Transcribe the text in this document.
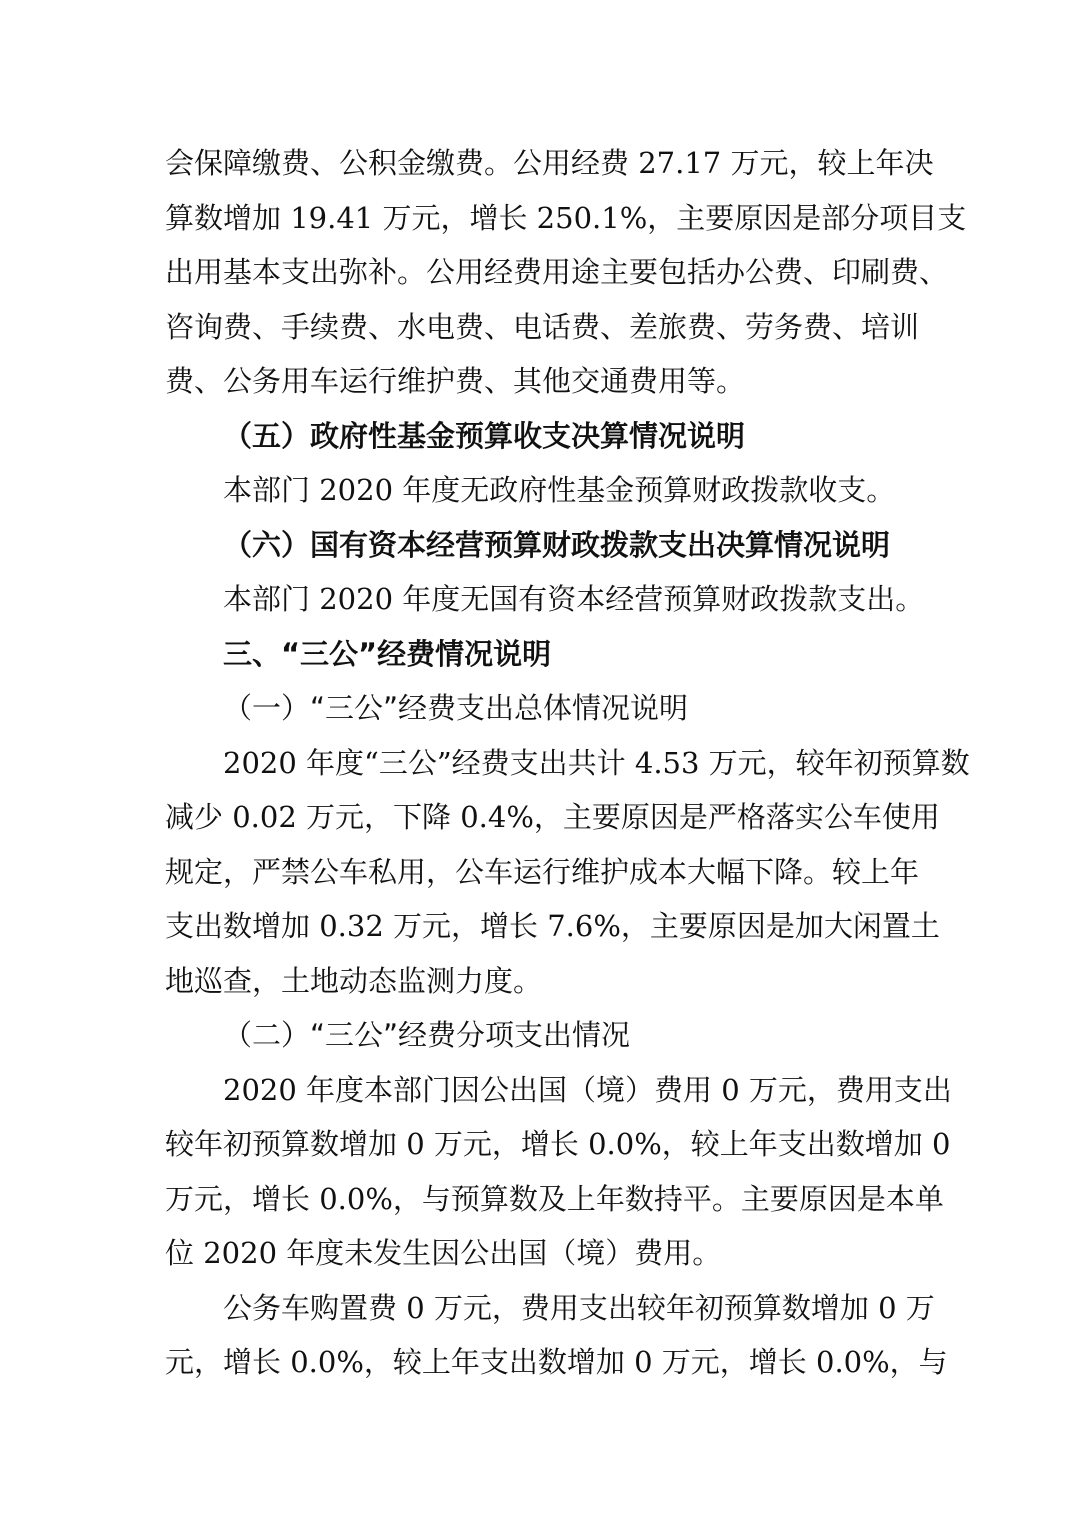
会保障缴费、公积金缴费。公用经费 27.17 万元，较上年决
算数增加 19.41 万元，增长 250.1%，主要原因是部分项目支
出用基本支出弥补。公用经费用途主要包括办公费、印刷费、
咨询费、手续费、水电费、电话费、差旅费、劳务费、培训
费、公务用车运行维护费、其他交通费用等。
（五）政府性基金预算收支决算情况说明
本部门 2020 年度无政府性基金预算财政拨款收支。
（六）国有资本经营预算财政拨款支出决算情况说明
本部门 2020 年度无国有资本经营预算财政拨款支出。
三、“三公”经费情况说明
（一）“三公”经费支出总体情况说明
2020 年度“三公”经费支出共计 4.53 万元，较年初预算数
减少 0.02 万元，下降 0.4%，主要原因是严格落实公车使用
规定，严禁公车私用，公车运行维护成本大幅下降。较上年
支出数增加 0.32 万元，增长 7.6%，主要原因是加大闲置土
地巡查，土地动态监测力度。
（二）“三公”经费分项支出情况
2020 年度本部门因公出国（境）费用 0 万元，费用支出
较年初预算数增加 0 万元，增长 0.0%，较上年支出数增加 0
万元，增长 0.0%，与预算数及上年数持平。主要原因是本单
位 2020 年度未发生因公出国（境）费用。
公务车购置费 0 万元，费用支出较年初预算数增加 0 万
元，增长 0.0%，较上年支出数增加 0 万元，增长 0.0%，与
